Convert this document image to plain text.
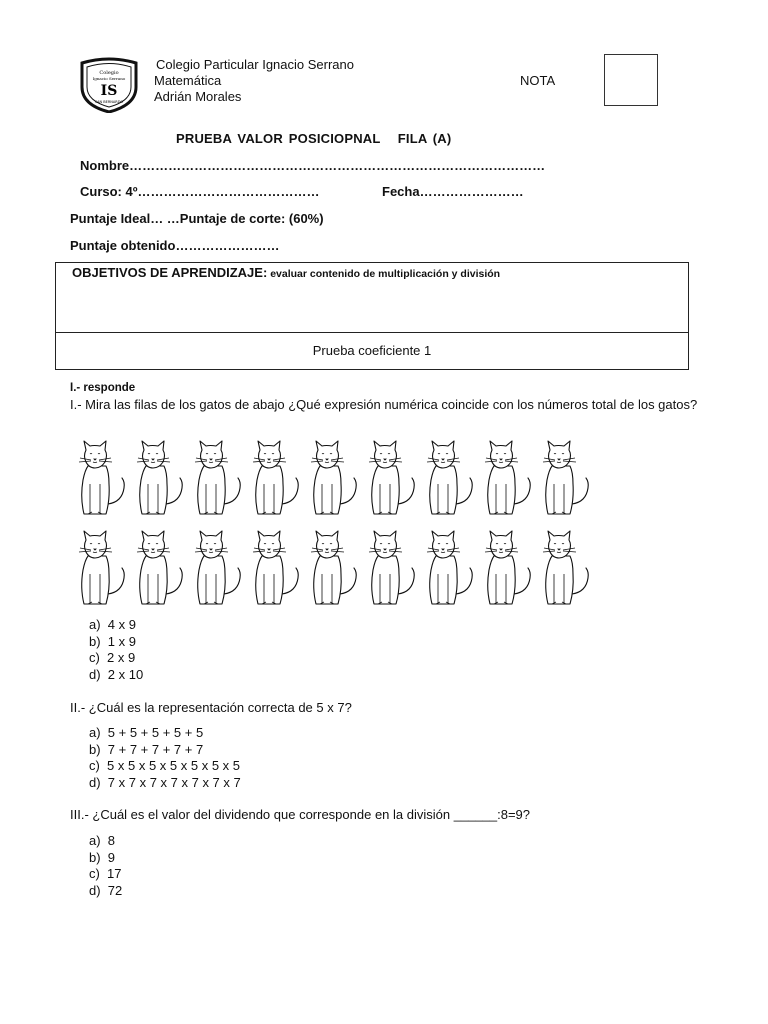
Colegio
Ignacio Serrano
IS
SAN BERNARDO
Colegio Particular Ignacio Serrano
Matemática
Adrián Morales
NOTA
PRUEBA VALOR POSICIOPNAL   FILA (A)
Nombre……………………………………………………………………………………
Curso: 4º……………………………………	Fecha……………………
Puntaje Ideal… …Puntaje de corte: (60%)
Puntaje obtenido……………………
OBJETIVOS DE APRENDIZAJE: evaluar contenido de multiplicación y división
Prueba coeficiente 1
I.- responde
I.- Mira las filas de los gatos de abajo ¿Qué expresión numérica coincide con los números total de los gatos?
a)  4 x 9
b)  1 x 9
c)  2 x 9
d)  2 x 10
II.- ¿Cuál es la representación correcta de 5 x 7?
a)  5 + 5 + 5 + 5 + 5
b)  7 + 7 + 7 + 7 + 7
c)  5 x 5 x 5 x 5 x 5 x 5 x 5
d)  7 x 7 x 7 x 7 x 7 x 7 x 7
III.- ¿Cuál es el valor del dividendo que corresponde en la división ______:8=9?
a)  8
b)  9
c)  17
d)  72
